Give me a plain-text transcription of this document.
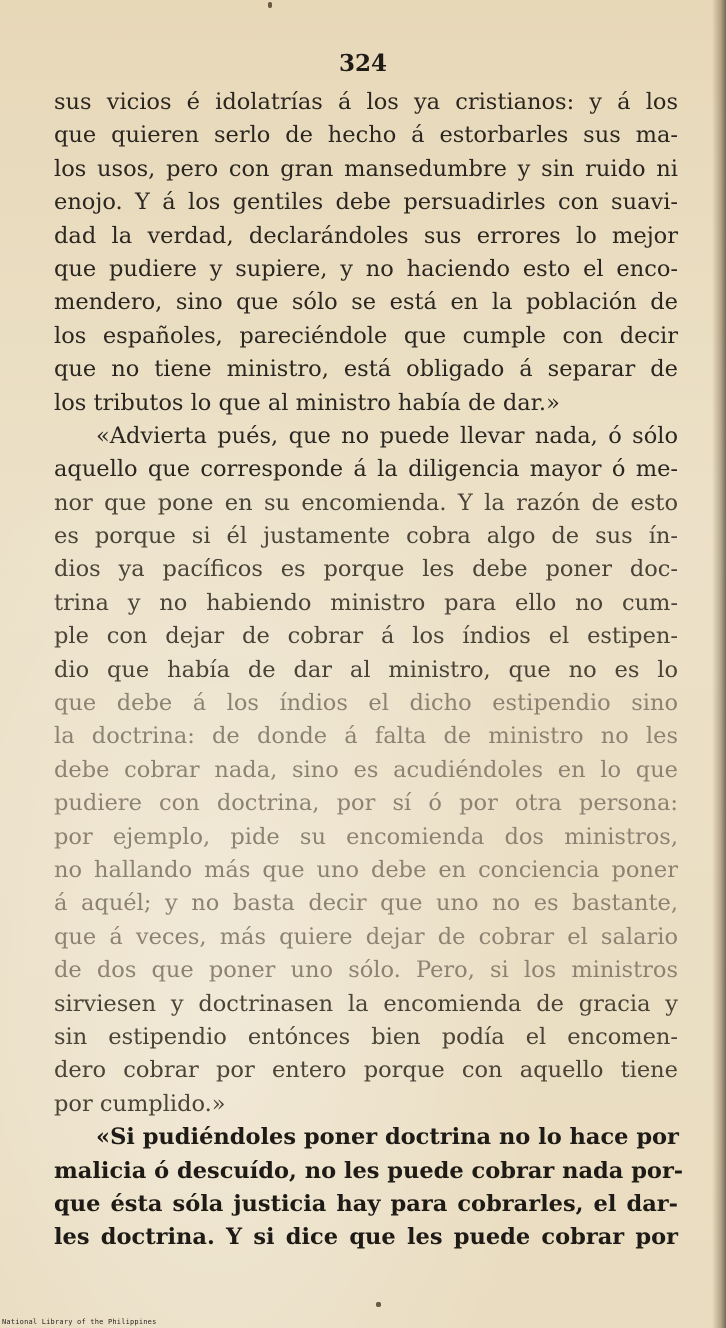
324
sus vicios é idolatrías á los ya cristianos: y á los
que quieren serlo de hecho á estorbarles sus ma-
los usos, pero con gran mansedumbre y sin ruido ni
enojo. Y á los gentiles debe persuadirles con suavi-
dad la verdad, declarándoles sus errores lo mejor
que pudiere y supiere, y no haciendo esto el enco-
mendero, sino que sólo se está en la población de
los españoles, pareciéndole que cumple con decir
que no tiene ministro, está obligado á separar de
los tributos lo que al ministro había de dar.»
«Advierta pués, que no puede llevar nada, ó sólo
aquello que corresponde á la diligencia mayor ó me-
nor que pone en su encomienda. Y la razón de esto
es porque si él justamente cobra algo de sus ín-
dios ya pacíficos es porque les debe poner doc-
trina y no habiendo ministro para ello no cum-
ple con dejar de cobrar á los índios el estipen-
dio que había de dar al ministro, que no es lo
que debe á los índios el dicho estipendio sino
la doctrina: de donde á falta de ministro no les
debe cobrar nada, sino es acudiéndoles en lo que
pudiere con doctrina, por sí ó por otra persona:
por ejemplo, pide su encomienda dos ministros,
no hallando más que uno debe en conciencia poner
á aquél; y no basta decir que uno no es bastante,
que á veces, más quiere dejar de cobrar el salario
de dos que poner uno sólo. Pero, si los ministros
sirviesen y doctrinasen la encomienda de gracia y
sin estipendio entónces bien podía el encomen-
dero cobrar por entero porque con aquello tiene
por cumplido.»
«Si pudiéndoles poner doctrina no lo hace por
malicia ó descuído, no les puede cobrar nada por-
que ésta sóla justicia hay para cobrarles, el dar-
les doctrina. Y si dice que les puede cobrar por
National Library of the Philippines
